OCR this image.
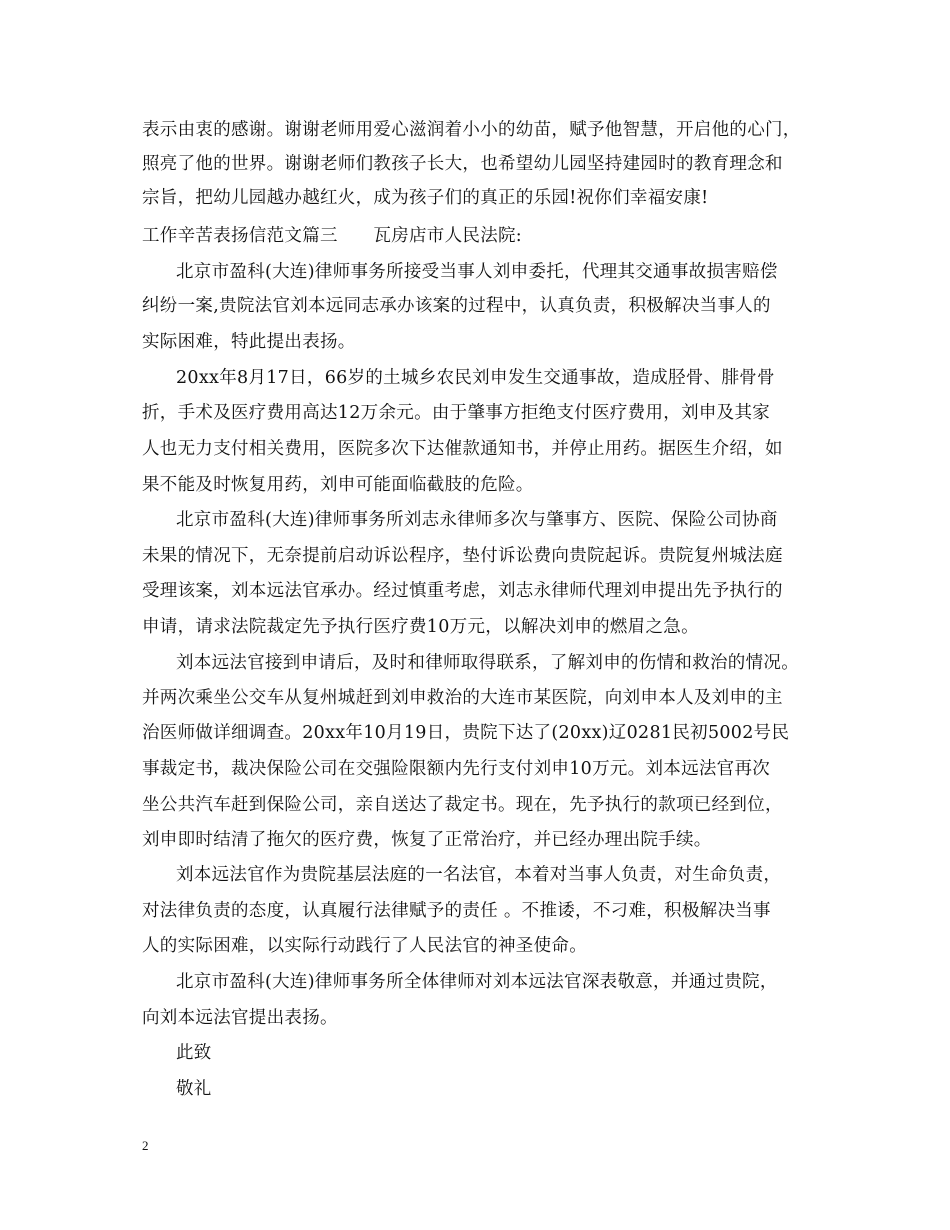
表示由衷的感谢。谢谢老师用爱心滋润着小小的幼苗，赋予他智慧，开启他的心门，
照亮了他的世界。谢谢老师们教孩子长大，也希望幼儿园坚持建园时的教育理念和
宗旨，把幼儿园越办越红火，成为孩子们的真正的乐园!祝你们幸福安康!
工作辛苦表扬信范文篇三　　瓦房店市人民法院:
北京市盈科(大连)律师事务所接受当事人刘申委托，代理其交通事故损害赔偿
纠纷一案,贵院法官刘本远同志承办该案的过程中，认真负责，积极解决当事人的
实际困难，特此提出表扬。
20xx年8月17日，66岁的土城乡农民刘申发生交通事故，造成胫骨、腓骨骨
折，手术及医疗费用高达12万余元。由于肇事方拒绝支付医疗费用，刘申及其家
人也无力支付相关费用，医院多次下达催款通知书，并停止用药。据医生介绍，如
果不能及时恢复用药，刘申可能面临截肢的危险。
北京市盈科(大连)律师事务所刘志永律师多次与肇事方、医院、保险公司协商
未果的情况下，无奈提前启动诉讼程序，垫付诉讼费向贵院起诉。贵院复州城法庭
受理该案，刘本远法官承办。经过慎重考虑，刘志永律师代理刘申提出先予执行的
申请，请求法院裁定先予执行医疗费10万元，以解决刘申的燃眉之急。
刘本远法官接到申请后，及时和律师取得联系，了解刘申的伤情和救治的情况。
并两次乘坐公交车从复州城赶到刘申救治的大连市某医院，向刘申本人及刘申的主
治医师做详细调查。20xx年10月19日，贵院下达了(20xx)辽0281民初5002号民
事裁定书，裁决保险公司在交强险限额内先行支付刘申10万元。刘本远法官再次
坐公共汽车赶到保险公司，亲自送达了裁定书。现在，先予执行的款项已经到位，
刘申即时结清了拖欠的医疗费，恢复了正常治疗，并已经办理出院手续。
刘本远法官作为贵院基层法庭的一名法官，本着对当事人负责，对生命负责，
对法律负责的态度，认真履行法律赋予的责任 。不推诿，不刁难，积极解决当事
人的实际困难，以实际行动践行了人民法官的神圣使命。
北京市盈科(大连)律师事务所全体律师对刘本远法官深表敬意，并通过贵院，
向刘本远法官提出表扬。
此致
敬礼
2
